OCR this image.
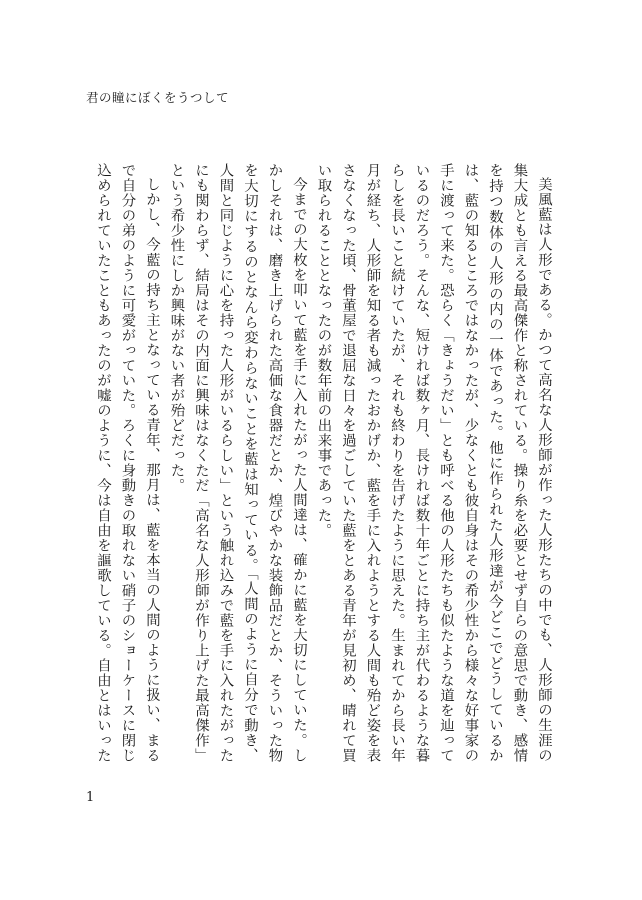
君の瞳にぼくをうつして

美風藍は人形である。かつて高名な人形師が作った人形たちの中でも、人形師の生涯の集大成とも言える最高傑作と称されている。操り糸を必要とせず自らの意思で動き、感情を持つ数体の人形の内の一体であった。他に作られた人形達が今どこでどうしているかは、藍の知るところではなかったが、少なくとも彼自身はその希少性から様々な好事家の手に渡って来た。恐らく「きょうだい」とも呼べる他の人形たちも似たような道を辿っているのだろう。そんな、短ければ数ヶ月、長ければ数十年ごとに持ち主が代わるような暮らしを長いこと続けていたが、それも終わりを告げたように思えた。生まれてから長い年月が経ち、人形師を知る者も減ったおかげか、藍を手に入れようとする人間も殆ど姿を表さなくなった頃、骨董屋で退屈な日々を過ごしていた藍をとある青年が見初め、晴れて買い取られることとなったのが数年前の出来事であった。

今までの大枚を叩いて藍を手に入れたがった人間達は、確かに藍を大切にしていた。しかしそれは、磨き上げられた高価な食器だとか、煌びやかな装飾品だとか、そういった物を大切にするのとなんら変わらないことを藍は知っている。「人間のように自分で動き、人間と同じように心を持った人形がいるらしい」という触れ込みで藍を手に入れたがったにも関わらず、結局はその内面に興味はなくただ「高名な人形師が作り上げた最高傑作」という希少性にしか興味がない者が殆どだった。

しかし、今藍の持ち主となっている青年、那月は、藍を本当の人間のように扱い、まるで自分の弟のように可愛がっていた。ろくに身動きの取れない硝子のショーケースに閉じ込められていたこともあったのが嘘のように、今は自由を謳歌している。自由とはいった

1
